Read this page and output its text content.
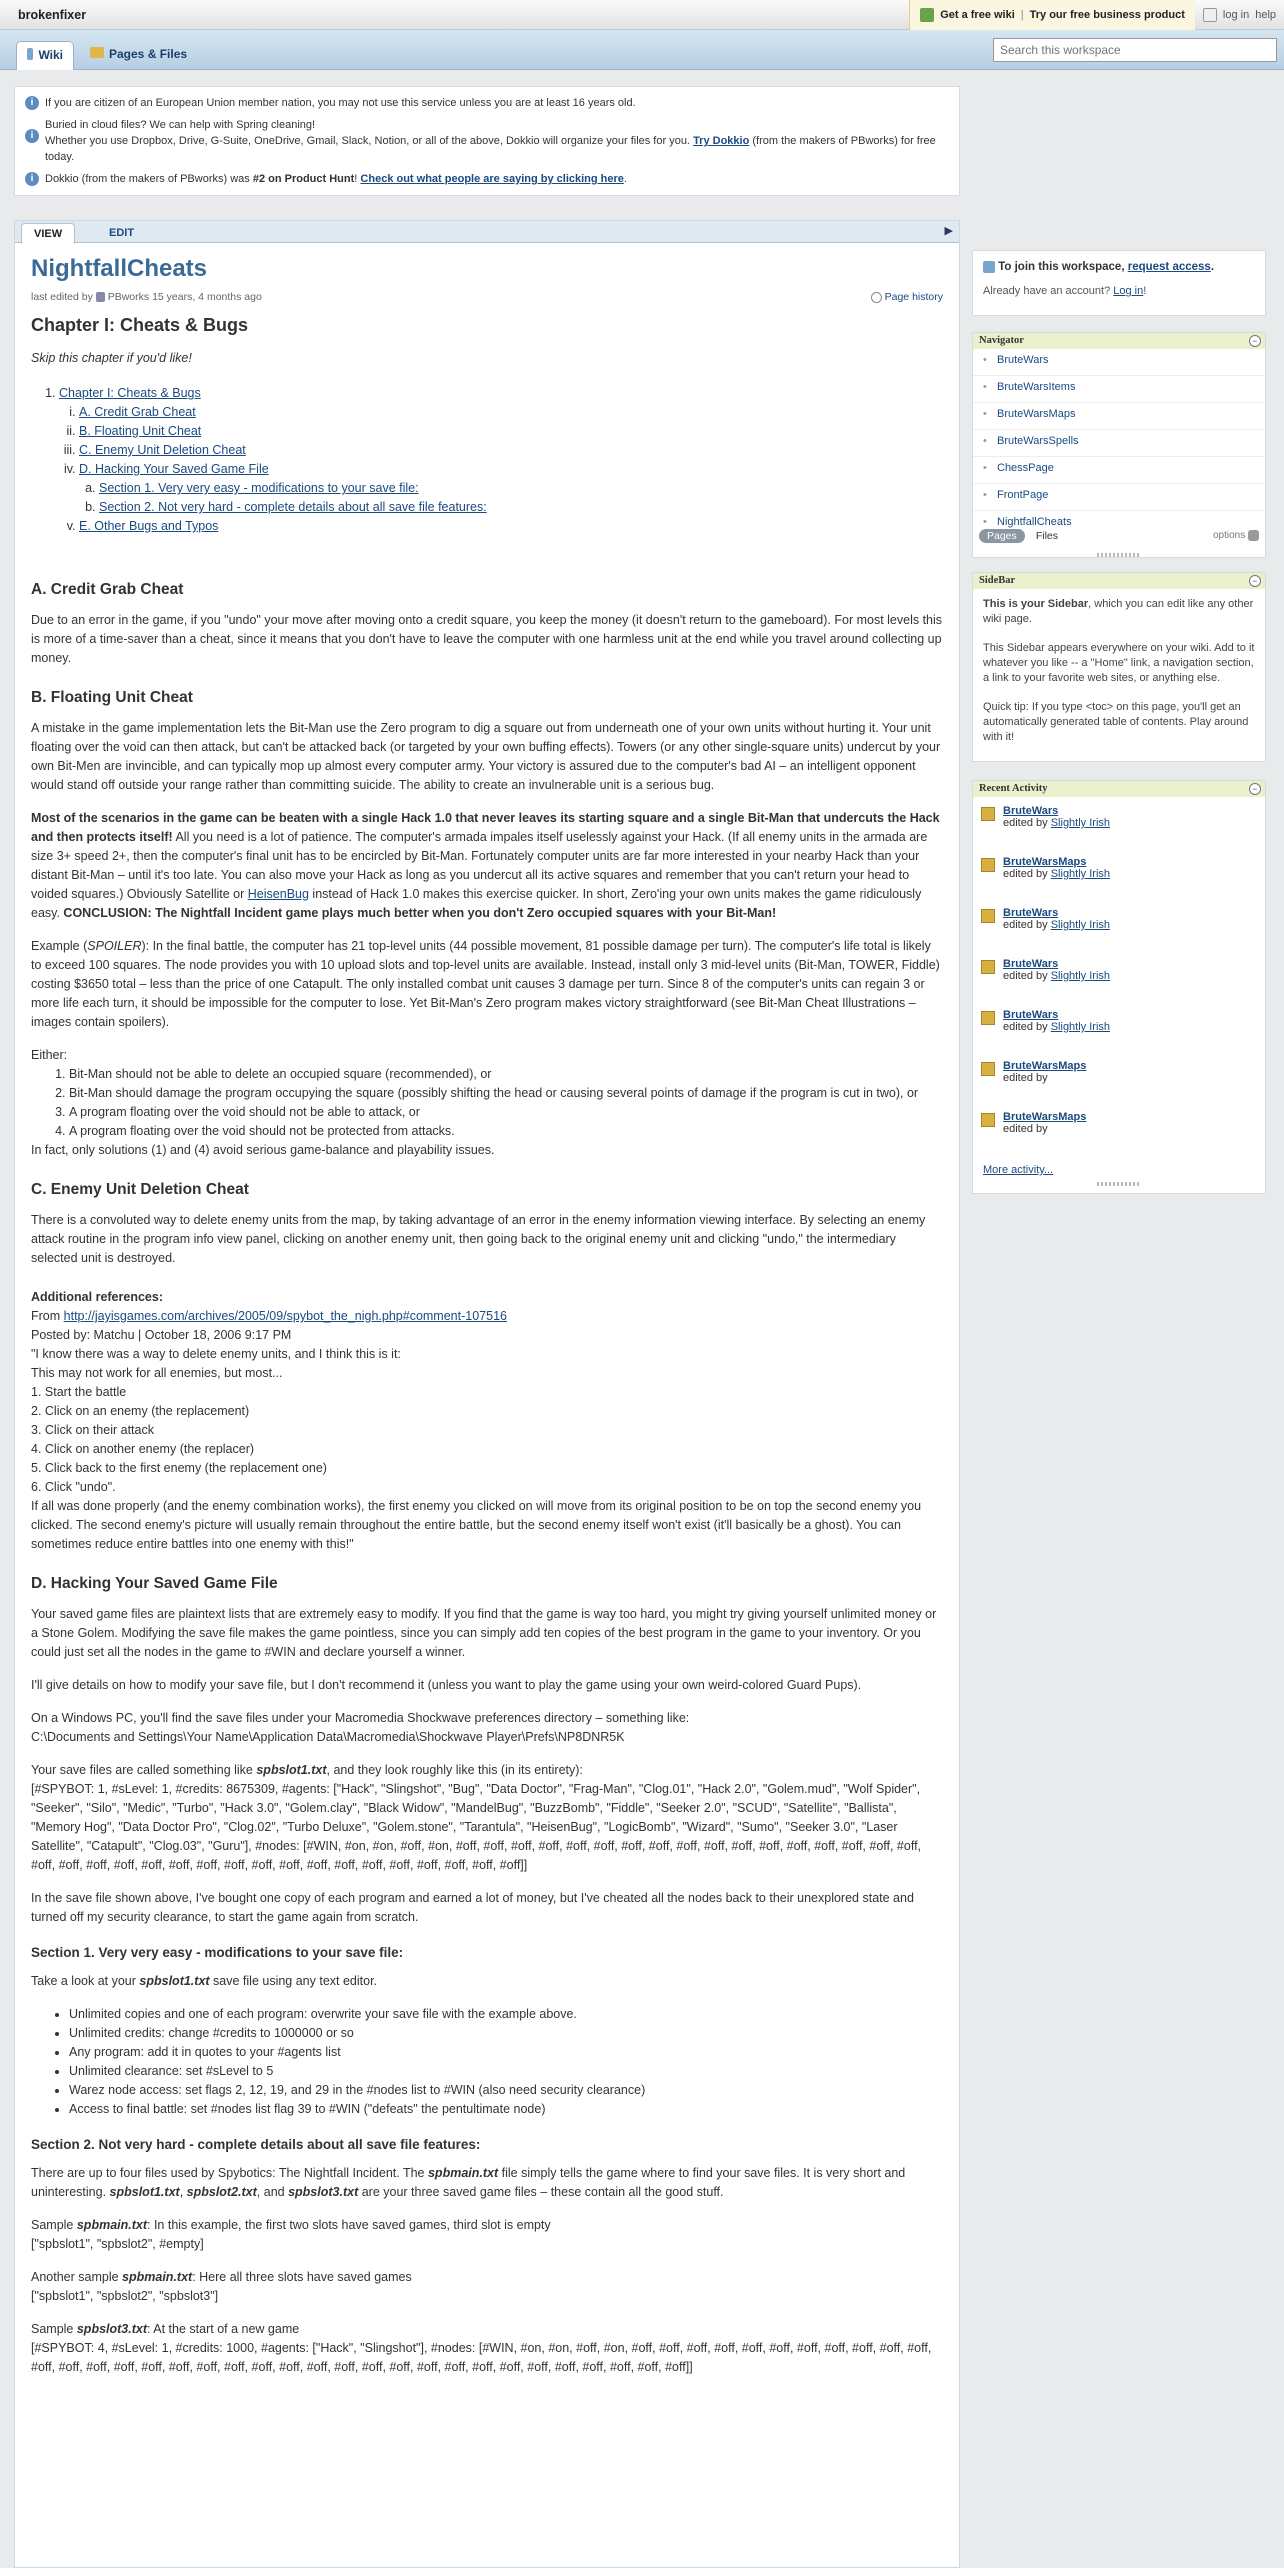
brokenfixer	Get a free wiki | Try our free business product	log in help
Wiki	Pages & Files
Search this workspace
i	If you are citizen of an European Union member nation, you may not use this service unless you are at least 16 years old.
i
Buried in cloud files? We can help with Spring cleaning!
Whether you use Dropbox, Drive, G-Suite, OneDrive, Gmail, Slack, Notion, or all of the above, Dokkio will organize your files for you. Try Dokkio (from the makers of PBworks) for free today.
i	Dokkio (from the makers of PBworks) was #2 on Product Hunt! Check out what people are saying by clicking here.
VIEW	EDIT	▶
NightfallCheats
last edited by PBworks 15 years, 4 months ago	Page history
Chapter I: Cheats & Bugs

Skip this chapter if you'd like!

1. Chapter I: Cheats & Bugs
i. A. Credit Grab Cheat
ii. B. Floating Unit Cheat
iii. C. Enemy Unit Deletion Cheat
iv. D. Hacking Your Saved Game File
a. Section 1. Very very easy - modifications to your save file:
b. Section 2. Not very hard - complete details about all save file features:
v. E. Other Bugs and Typos
A. Credit Grab Cheat

Due to an error in the game, if you "undo" your move after moving onto a credit square, you keep the money (it doesn't return to the gameboard). For most levels this is more of a time-saver than a cheat, since it means that you don't have to leave the computer with one harmless unit at the end while you travel around collecting up money.

B. Floating Unit Cheat

A mistake in the game implementation lets the Bit-Man use the Zero program to dig a square out from underneath one of your own units without hurting it. Your unit floating over the void can then attack, but can't be attacked back (or targeted by your own buffing effects). Towers (or any other single-square units) undercut by your own Bit-Men are invincible, and can typically mop up almost every computer army. Your victory is assured due to the computer's bad AI – an intelligent opponent would stand off outside your range rather than committing suicide. The ability to create an invulnerable unit is a serious bug.

Most of the scenarios in the game can be beaten with a single Hack 1.0 that never leaves its starting square and a single Bit-Man that undercuts the Hack and then protects itself! All you need is a lot of patience. The computer's armada impales itself uselessly against your Hack. (If all enemy units in the armada are size 3+ speed 2+, then the computer's final unit has to be encircled by Bit-Man. Fortunately computer units are far more interested in your nearby Hack than your distant Bit-Man – until it's too late. You can also move your Hack as long as you undercut all its active squares and remember that you can't return your head to voided squares.) Obviously Satellite or HeisenBug instead of Hack 1.0 makes this exercise quicker. In short, Zero'ing your own units makes the game ridiculously easy. CONCLUSION: The Nightfall Incident game plays much better when you don't Zero occupied squares with your Bit-Man!

Example (SPOILER): In the final battle, the computer has 21 top-level units (44 possible movement, 81 possible damage per turn). The computer's life total is likely to exceed 100 squares. The node provides you with 10 upload slots and top-level units are available. Instead, install only 3 mid-level units (Bit-Man, TOWER, Fiddle) costing $3650 total – less than the price of one Catapult. The only installed combat unit causes 3 damage per turn. Since 8 of the computer's units can regain 3 or more life each turn, it should be impossible for the computer to lose. Yet Bit-Man's Zero program makes victory straightforward (see Bit-Man Cheat Illustrations – images contain spoilers).

Either:
1. Bit-Man should not be able to delete an occupied square (recommended), or
2. Bit-Man should damage the program occupying the square (possibly shifting the head or causing several points of damage if the program is cut in two), or
3. A program floating over the void should not be able to attack, or
4. A program floating over the void should not be protected from attacks.

In fact, only solutions (1) and (4) avoid serious game-balance and playability issues.

C. Enemy Unit Deletion Cheat

There is a convoluted way to delete enemy units from the map, by taking advantage of an error in the enemy information viewing interface. By selecting an enemy attack routine in the program info view panel, clicking on another enemy unit, then going back to the original enemy unit and clicking "undo," the intermediary selected unit is destroyed.

Additional references:
From http://jayisgames.com/archives/2005/09/spybot_the_nigh.php#comment-107516
Posted by: Matchu | October 18, 2006 9:17 PM
"I know there was a way to delete enemy units, and I think this is it:
This may not work for all enemies, but most...
1. Start the battle
2. Click on an enemy (the replacement)
3. Click on their attack
4. Click on another enemy (the replacer)
5. Click back to the first enemy (the replacement one)
6. Click "undo".
If all was done properly (and the enemy combination works), the first enemy you clicked on will move from its original position to be on top the second enemy you clicked. The second enemy's picture will usually remain throughout the entire battle, but the second enemy itself won't exist (it'll basically be a ghost). You can sometimes reduce entire battles into one enemy with this!"
D. Hacking Your Saved Game File

Your saved game files are plaintext lists that are extremely easy to modify. If you find that the game is way too hard, you might try giving yourself unlimited money or a Stone Golem. Modifying the save file makes the game pointless, since you can simply add ten copies of the best program in the game to your inventory. Or you could just set all the nodes in the game to #WIN and declare yourself a winner.

I'll give details on how to modify your save file, but I don't recommend it (unless you want to play the game using your own weird-colored Guard Pups).

On a Windows PC, you'll find the save files under your Macromedia Shockwave preferences directory – something like:
C:\Documents and Settings\Your Name\Application Data\Macromedia\Shockwave Player\Prefs\NP8DNR5K

Your save files are called something like spbslot1.txt, and they look roughly like this (in its entirety):
[#SPYBOT: 1, #sLevel: 1, #credits: 8675309, #agents: ["Hack", "Slingshot", "Bug", "Data Doctor", "Frag-Man", "Clog.01", "Hack 2.0", "Golem.mud", "Wolf Spider", "Seeker", "Silo", "Medic", "Turbo", "Hack 3.0", "Golem.clay", "Black Widow", "MandelBug", "BuzzBomb", "Fiddle", "Seeker 2.0", "SCUD", "Satellite", "Ballista", "Memory Hog", "Data Doctor Pro", "Clog.02", "Turbo Deluxe", "Golem.stone", "Tarantula", "HeisenBug", "LogicBomb", "Wizard", "Sumo", "Seeker 3.0", "Laser Satellite", "Catapult", "Clog.03", "Guru"], #nodes: [#WIN, #on, #on, #off, #on, #off, #off, #off, #off, #off, #off, #off, #off, #off, #off, #off, #off, #off, #off, #off, #off, #off, #off, #off, #off, #off, #off, #off, #off, #off, #off, #off, #off, #off, #off, #off, #off, #off, #off, #off]]

In the save file shown above, I've bought one copy of each program and earned a lot of money, but I've cheated all the nodes back to their unexplored state and turned off my security clearance, to start the game again from scratch.

Section 1. Very very easy - modifications to your save file:

Take a look at your spbslot1.txt save file using any text editor.

• Unlimited copies and one of each program: overwrite your save file with the example above.
• Unlimited credits: change #credits to 1000000 or so
• Any program: add it in quotes to your #agents list
• Unlimited clearance: set #sLevel to 5
• Warez node access: set flags 2, 12, 19, and 29 in the #nodes list to #WIN (also need security clearance)
• Access to final battle: set #nodes list flag 39 to #WIN ("defeats" the pentultimate node)
Section 2. Not very hard - complete details about all save file features:

There are up to four files used by Spybotics: The Nightfall Incident. The spbmain.txt file simply tells the game where to find your save files. It is very short and uninteresting. spbslot1.txt, spbslot2.txt, and spbslot3.txt are your three saved game files – these contain all the good stuff.

Sample spbmain.txt: In this example, the first two slots have saved games, third slot is empty
["spbslot1", "spbslot2", #empty]

Another sample spbmain.txt: Here all three slots have saved games
["spbslot1", "spbslot2", "spbslot3"]

Sample spbslot3.txt: At the start of a new game
[#SPYBOT: 4, #sLevel: 1, #credits: 1000, #agents: ["Hack", "Slingshot"], #nodes: [#WIN, #on, #on, #off, #on, #off, #off, #off, #off, #off, #off, #off, #off, #off, #off, #off, #off, #off, #off, #off, #off, #off, #off, #off, #off, #off, #off, #off, #off, #off, #off, #off, #off, #off, #off, #off, #off, #off, #off, #off]]

To join this workspace, request access.
Already have an account? Log in!
Navigator	−
• BruteWars
• BruteWarsItems
• BruteWarsMaps
• BruteWarsSpells
• ChessPage
• FrontPage
• NightfallCheats
Pages Files	options
SideBar	−

This is your Sidebar, which you can edit like any other wiki page.

This Sidebar appears everywhere on your wiki. Add to it whatever you like -- a "Home" link, a navigation section, a link to your favorite web sites, or anything else.

Quick tip: If you type <toc> on this page, you'll get an automatically generated table of contents. Play around with it!

Recent Activity	−
BruteWars
edited by Slightly Irish
BruteWarsMaps
edited by Slightly Irish
BruteWars
edited by Slightly Irish
BruteWars
edited by Slightly Irish
BruteWars
edited by Slightly Irish
BruteWarsMaps
edited by
BruteWarsMaps
edited by
More activity...
